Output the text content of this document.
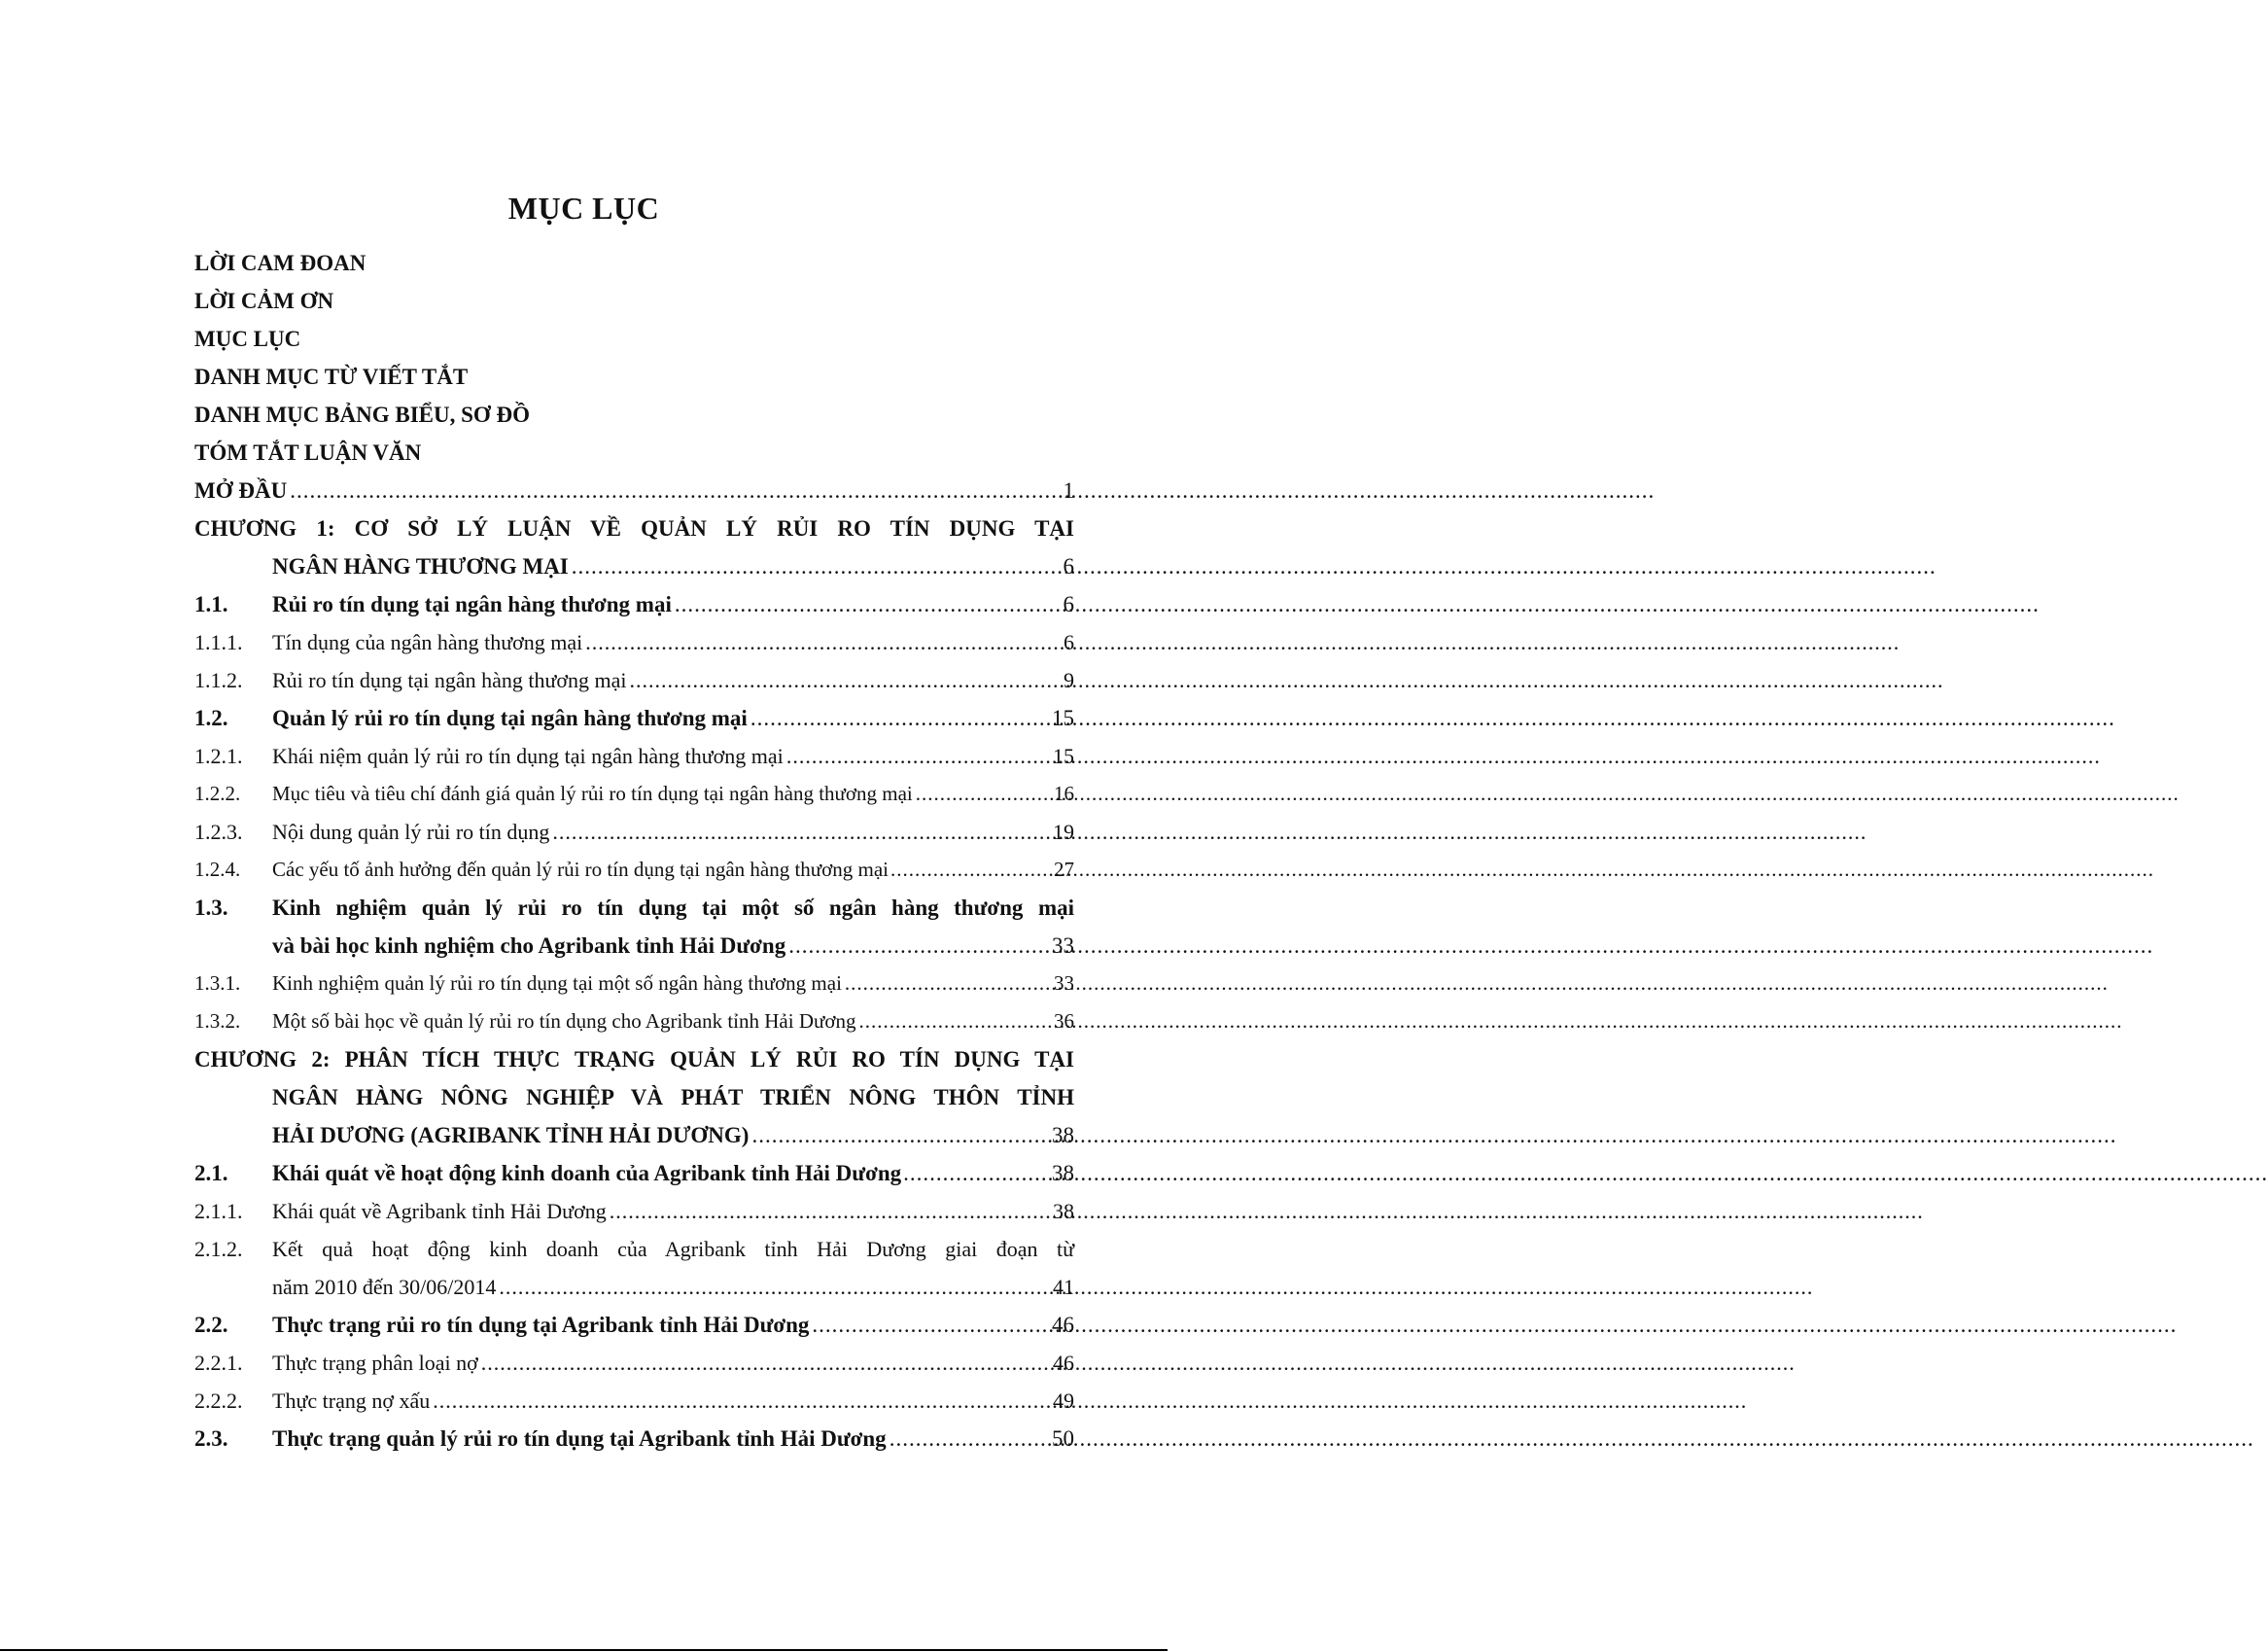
MỤC LỤC
LỜI CAM ĐOAN
LỜI CẢM ƠN
MỤC LỤC
DANH MỤC TỪ VIẾT TẮT
DANH MỤC BẢNG BIỂU, SƠ ĐỒ
TÓM TẮT LUẬN VĂN
MỞ ĐẦU .....	1
CHƯƠNG 1: CƠ SỞ LÝ LUẬN VỀ QUẢN LÝ RỦI RO TÍN DỤNG TẠI
NGÂN HÀNG THƯƠNG MẠI .....	6
1.1.	Rủi ro tín dụng tại ngân hàng thương mại .....	6
1.1.1.	Tín dụng của ngân hàng thương mại .....	6
1.1.2.	Rủi ro tín dụng tại ngân hàng thương mại .....	9
1.2.	Quản lý rủi ro tín dụng tại ngân hàng thương mại .....	15
1.2.1.	Khái niệm quản lý rủi ro tín dụng tại ngân hàng thương mại .....	15
1.2.2.	Mục tiêu và tiêu chí đánh giá quản lý rủi ro tín dụng tại ngân hàng thương mại .....	16
1.2.3.	Nội dung quản lý rủi ro tín dụng .....	19
1.2.4.	Các yếu tố ảnh hưởng đến quản lý rủi ro tín dụng tại ngân hàng thương mại .....	27
1.3.	Kinh nghiệm quản lý rủi ro tín dụng tại một số ngân hàng thương mại
và bài học kinh nghiệm cho Agribank tỉnh Hải Dương .....	33
1.3.1.	Kinh nghiệm quản lý rủi ro tín dụng tại một số ngân hàng thương mại .....	33
1.3.2.	Một số bài học về quản lý rủi ro tín dụng cho Agribank tỉnh Hải Dương .....	36
CHƯƠNG 2: PHÂN TÍCH THỰC TRẠNG QUẢN LÝ RỦI RO TÍN DỤNG TẠI
NGÂN HÀNG NÔNG NGHIỆP VÀ PHÁT TRIỂN NÔNG THÔN TỈNH
HẢI DƯƠNG (AGRIBANK TỈNH HẢI DƯƠNG) .....	38
2.1.	Khái quát về hoạt động kinh doanh của Agribank tỉnh Hải Dương .....	38
2.1.1.	Khái quát về Agribank tỉnh Hải Dương .....	38
2.1.2.	Kết quả hoạt động kinh doanh của Agribank tỉnh Hải Dương giai đoạn từ
năm 2010 đến 30/06/2014 .....	41
2.2.	Thực trạng rủi ro tín dụng tại Agribank tỉnh Hải Dương .....	46
2.2.1.	Thực trạng phân loại nợ .....	46
2.2.2.	Thực trạng nợ xấu .....	49
2.3.	Thực trạng quản lý rủi ro tín dụng tại Agribank tỉnh Hải Dương .....	50
